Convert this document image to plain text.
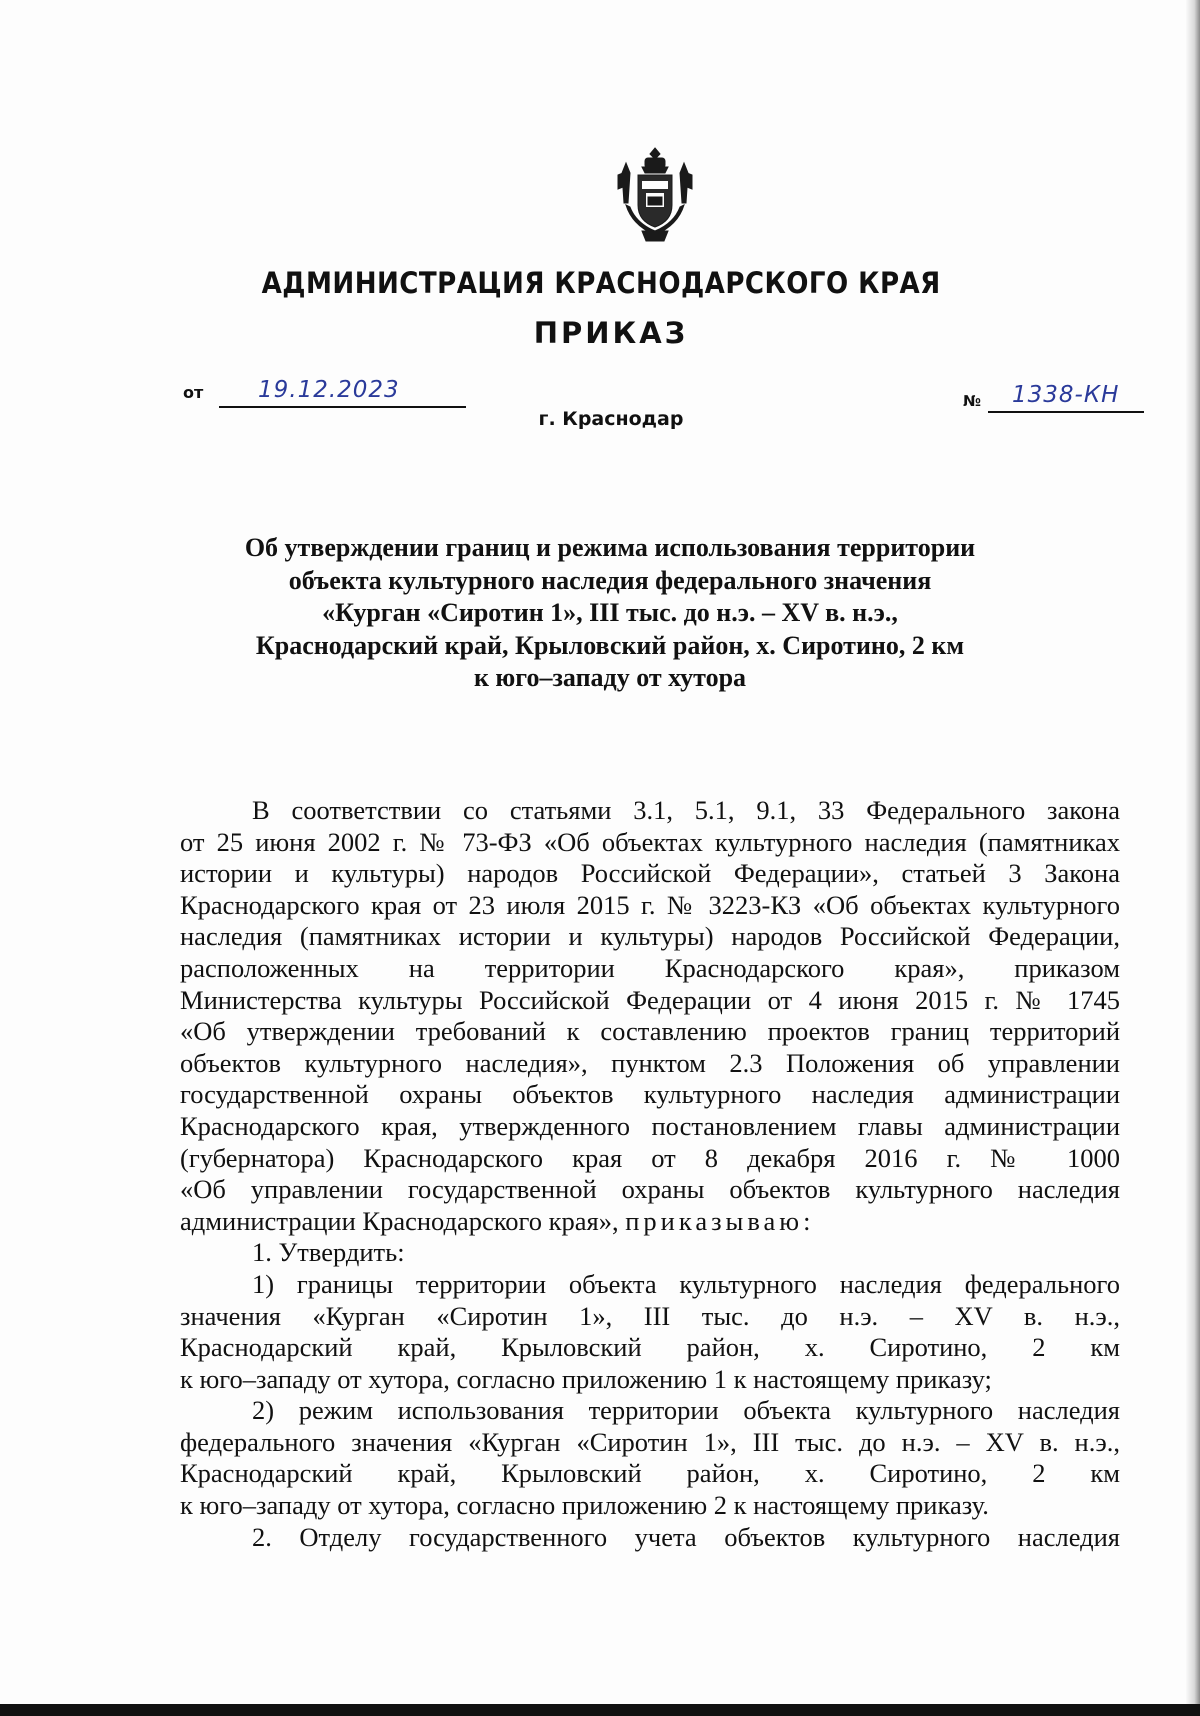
АДМИНИСТРАЦИЯ КРАСНОДАРСКОГО КРАЯ
ПРИКАЗ
от 19.12.2023
г. Краснодар
№ 1338-КН
Об утверждении границ и режима использования территории
объекта культурного наследия федерального значения
«Курган «Сиротин 1», III тыс. до н.э. – XV в. н.э.,
Краснодарский край, Крыловский район, х. Сиротино, 2 км
к юго–западу от хутора
В соответствии со статьями 3.1, 5.1, 9.1, 33 Федерального закона
от 25 июня 2002 г. № 73-ФЗ «Об объектах культурного наследия (памятниках
истории и культуры) народов Российской Федерации», статьей 3 Закона
Краснодарского края от 23 июля 2015 г. № 3223-КЗ «Об объектах культурного
наследия (памятниках истории и культуры) народов Российской Федерации,
расположенных на территории Краснодарского края», приказом
Министерства культуры Российской Федерации от 4 июня 2015 г. № 1745
«Об утверждении требований к составлению проектов границ территорий
объектов культурного наследия», пунктом 2.3 Положения об управлении
государственной охраны объектов культурного наследия администрации
Краснодарского края, утвержденного постановлением главы администрации
(губернатора) Краснодарского края от 8 декабря 2016 г. № 1000
«Об управлении государственной охраны объектов культурного наследия
администрации Краснодарского края», приказываю:
1. Утвердить:
1) границы территории объекта культурного наследия федерального
значения «Курган «Сиротин 1», III тыс. до н.э. – XV в. н.э.,
Краснодарский край, Крыловский район, х. Сиротино, 2 км
к юго–западу от хутора, согласно приложению 1 к настоящему приказу;
2) режим использования территории объекта культурного наследия
федерального значения «Курган «Сиротин 1», III тыс. до н.э. – XV в. н.э.,
Краснодарский край, Крыловский район, х. Сиротино, 2 км
к юго–западу от хутора, согласно приложению 2 к настоящему приказу.
2. Отделу государственного учета объектов культурного наследия
